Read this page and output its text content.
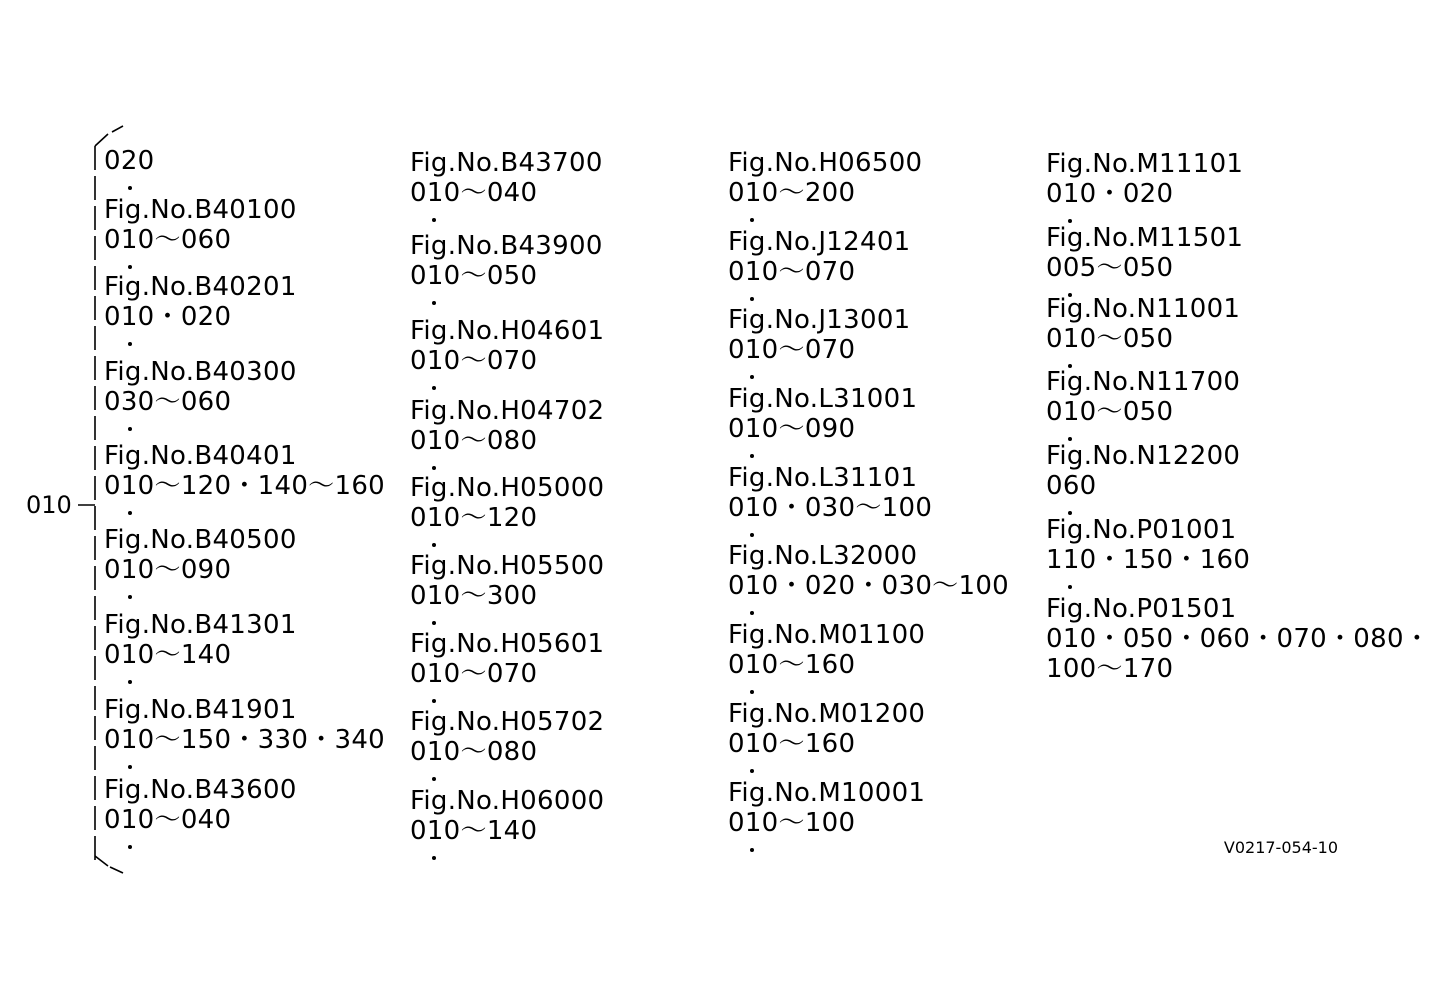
010
020
Fig.No.B40100
010～060
Fig.No.B40201
010・020
Fig.No.B40300
030～060
Fig.No.B40401
010～120・140～160
Fig.No.B40500
010～090
Fig.No.B41301
010～140
Fig.No.B41901
010～150・330・340
Fig.No.B43600
010～040
Fig.No.B43700
010～040
Fig.No.B43900
010～050
Fig.No.H04601
010～070
Fig.No.H04702
010～080
Fig.No.H05000
010～120
Fig.No.H05500
010～300
Fig.No.H05601
010～070
Fig.No.H05702
010～080
Fig.No.H06000
010～140
Fig.No.H06500
010～200
Fig.No.J12401
010～070
Fig.No.J13001
010～070
Fig.No.L31001
010～090
Fig.No.L31101
010・030～100
Fig.No.L32000
010・020・030～100
Fig.No.M01100
010～160
Fig.No.M01200
010～160
Fig.No.M10001
010～100
Fig.No.M11101
010・020
Fig.No.M11501
005～050
Fig.No.N11001
010～050
Fig.No.N11700
010～050
Fig.No.N12200
060
Fig.No.P01001
110・150・160
Fig.No.P01501
010・050・060・070・080・
100～170
V0217-054-10
